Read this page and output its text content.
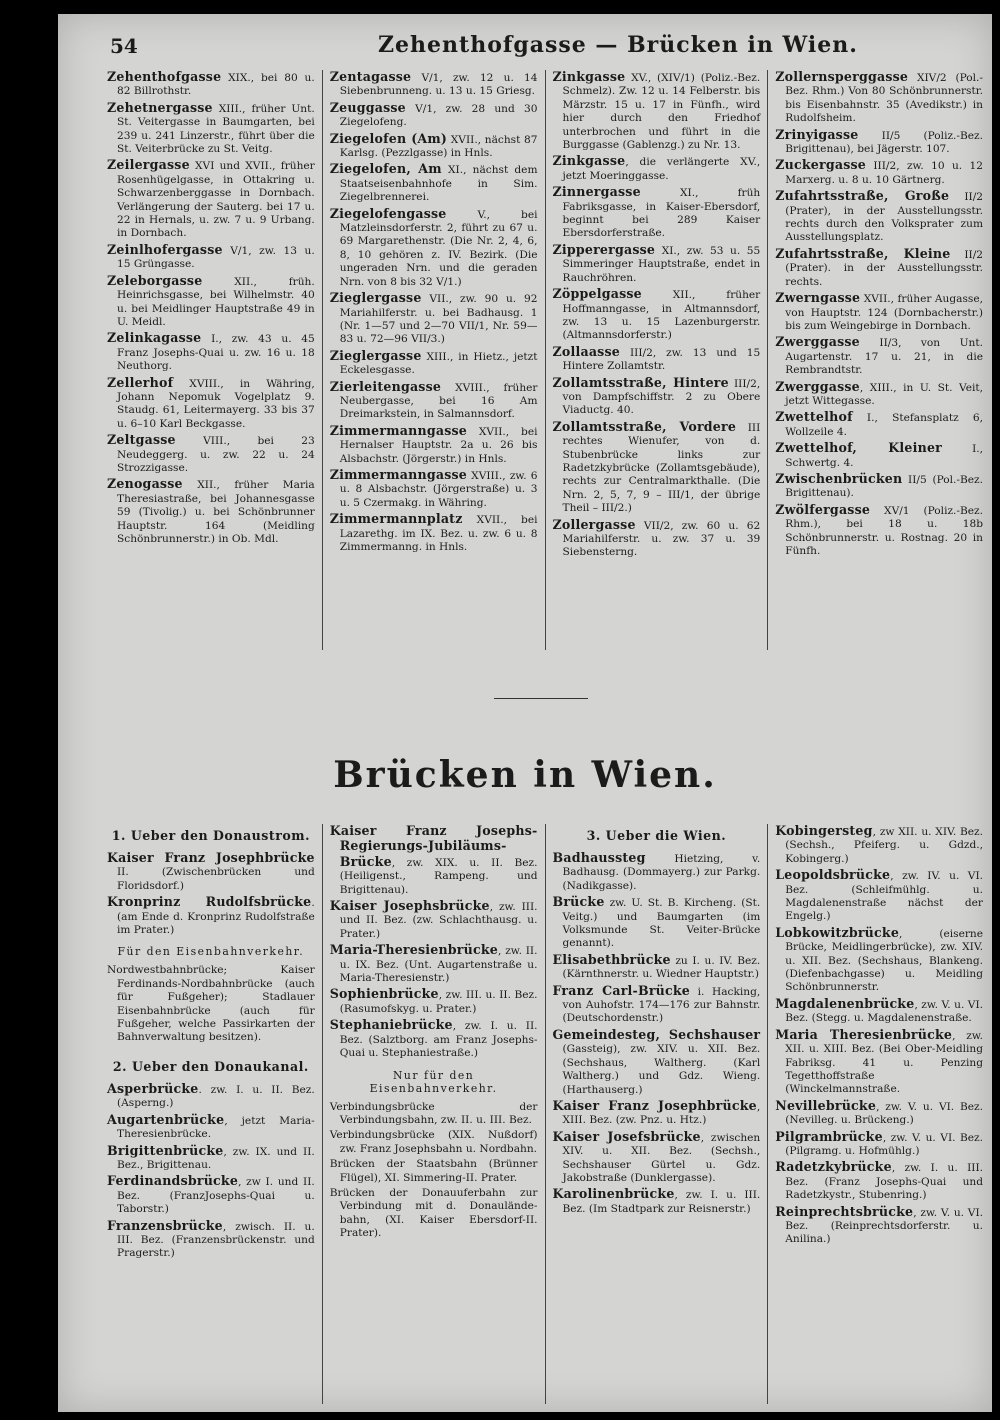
54	Zehenthofgasse — Brücken in Wien.

Zehenthofgasse XIX., bei 80 u. 82 Billrothstr.

Zehetnergasse XIII., früher Unt. St. Veitergasse in Baumgarten, bei 239 u. 241 Linzerstr., führt über die St. Veiterbrücke zu St. Veitg.

Zeilergasse XVI und XVII., früher Rosenhügelgasse, in Ottakring u. Schwarzenberggasse in Dornbach. Verlängerung der Sauterg. bei 17 u. 22 in Hernals, u. zw. 7 u. 9 Urbang. in Dornbach.

Zeinlhofergasse V/1, zw. 13 u. 15 Grüngasse.

Zeleborgasse XII., früh. Heinrichsgasse, bei Wilhelmstr. 40 u. bei Meidlinger Hauptstraße 49 in U. Meidl.

Zelinkagasse I., zw. 43 u. 45 Franz Josephs-Quai u. zw. 16 u. 18 Neuthorg.

Zellerhof XVIII., in Währing, Johann Nepomuk Vogelplatz 9. Staudg. 61, Leitermayerg. 33 bis 37 u. 6–10 Karl Beckgasse.

Zeltgasse VIII., bei 23 Neudeggerg. u. zw. 22 u. 24 Strozzigasse.

Zenogasse XII., früher Maria Theresiastraße, bei Johannesgasse 59 (Tivolig.) u. bei Schönbrunner Hauptstr. 164 (Meidling Schönbrunnerstr.) in Ob. Mdl.

Zentagasse V/1, zw. 12 u. 14 Siebenbrunneng. u. 13 u. 15 Griesg.

Zeuggasse V/1, zw. 28 und 30 Ziegelofeng.

Ziegelofen (Am) XVII., nächst 87 Karlsg. (Pezzlgasse) in Hnls.

Ziegelofen, Am XI., nächst dem Staatseisenbahnhofe in Sim. Ziegelbrennerei.

Ziegelofengasse V., bei Matzleinsdorferstr. 2, führt zu 67 u. 69 Margarethenstr. (Die Nr. 2, 4, 6, 8, 10 gehören z. IV. Bezirk. (Die ungeraden Nrn. und die geraden Nrn. von 8 bis 32 V/1.)

Zieglergasse VII., zw. 90 u. 92 Mariahilferstr. u. bei Badhausg. 1 (Nr. 1—57 und 2—70 VII/1, Nr. 59—83 u. 72—96 VII/3.)

Zieglergasse XIII., in Hietz., jetzt Eckelesgasse.

Zierleitengasse XVIII., früher Neubergasse, bei 16 Am Dreimarkstein, in Salmannsdorf.

Zimmermanngasse XVII., bei Hernalser Hauptstr. 2a u. 26 bis Alsbachstr. (Jörgerstr.) in Hnls.

Zimmermanngasse XVIII., zw. 6 u. 8 Alsbachstr. (Jörgerstraße) u. 3 u. 5 Czermakg. in Währing.

Zimmermannplatz XVII., bei Lazarethg. im IX. Bez. u. zw. 6 u. 8 Zimmermanng. in Hnls.

Zinkgasse XV., (XIV/1) (Poliz.-Bez. Schmelz). Zw. 12 u. 14 Felberstr. bis Märzstr. 15 u. 17 in Fünfh., wird hier durch den Friedhof unterbrochen und führt in die Burggasse (Gablenzg.) zu Nr. 13.

Zinkgasse, die verlängerte XV., jetzt Moeringgasse.

Zinnergasse XI., früh Fabriksgasse, in Kaiser-Ebersdorf, beginnt bei 289 Kaiser Ebersdorferstraße.

Zipperergasse XI., zw. 53 u. 55 Simmeringer Hauptstraße, endet in Rauchröhren.

Zöppelgasse XII., früher Hoffmanngasse, in Altmannsdorf, zw. 13 u. 15 Lazenburgerstr. (Altmannsdorferstr.)

Zollaasse III/2, zw. 13 und 15 Hintere Zollamtstr.

Zollamtsstraße, Hintere III/2, von Dampfschiffstr. 2 zu Obere Viaductg. 40.

Zollamtsstraße, Vordere III rechtes Wienufer, von d. Stubenbrücke links zur Radetzkybrücke (Zollamtsgebäude), rechts zur Centralmarkthalle. (Die Nrn. 2, 5, 7, 9 – III/1, der übrige Theil – III/2.)

Zollergasse VII/2, zw. 60 u. 62 Mariahilferstr. u. zw. 37 u. 39 Siebensterng.

Zollernsperggasse XIV/2 (Pol.-Bez. Rhm.) Von 80 Schönbrunnerstr. bis Eisenbahnstr. 35 (Avedikstr.) in Rudolfsheim.

Zrinyigasse II/5 (Poliz.-Bez. Brigittenau), bei Jägerstr. 107.

Zuckergasse III/2, zw. 10 u. 12 Marxerg. u. 8 u. 10 Gärtnerg.

Zufahrtsstraße, Große II/2 (Prater), in der Ausstellungsstr. rechts durch den Volksprater zum Ausstellungsplatz.

Zufahrtsstraße, Kleine II/2 (Prater). in der Ausstellungsstr. rechts.

Zwerngasse XVII., früher Augasse, von Hauptstr. 124 (Dornbacherstr.) bis zum Weingebirge in Dornbach.

Zwerggasse II/3, von Unt. Augartenstr. 17 u. 21, in die Rembrandtstr.

Zwerggasse, XIII., in U. St. Veit, jetzt Wittegasse.

Zwettelhof I., Stefansplatz 6, Wollzeile 4.

Zwettelhof, Kleiner I., Schwertg. 4.

Zwischenbrücken II/5 (Pol.-Bez. Brigittenau).

Zwölfergasse XV/1 (Poliz.-Bez. Rhm.), bei 18 u. 18b Schönbrunnerstr. u. Rostnag. 20 in Fünfh.

Brücken in Wien.
1. Ueber den Donaustrom.

Kaiser Franz Josephbrücke II. (Zwischenbrücken und Floridsdorf.)

Kronprinz Rudolfsbrücke. (am Ende d. Kronprinz Rudolfstraße im Prater.)

Für den Eisenbahnverkehr.

Nordwestbahnbrücke; Kaiser Ferdinands-Nordbahnbrücke (auch für Fußgeher); Stadlauer Eisenbahnbrücke (auch für Fußgeher, welche Passirkarten der Bahnverwaltung besitzen).

2. Ueber den Donaukanal.

Asperbrücke. zw. I. u. II. Bez. (Asperng.)

Augartenbrücke, jetzt Maria-Theresienbrücke.

Brigittenbrücke, zw. IX. und II. Bez., Brigittenau.

Ferdinandsbrücke, zw I. und II. Bez. (FranzJosephs-Quai u. Taborstr.)

Franzensbrücke, zwisch. II. u. III. Bez. (Franzensbrückenstr. und Pragerstr.)

Kaiser Franz Josephs-Regierungs-Jubiläums-Brücke, zw. XIX. u. II. Bez. (Heiligenst., Rampeng. und Brigittenau).

Kaiser Josephsbrücke, zw. III. und II. Bez. (zw. Schlachthausg. u. Prater.)

Maria-Theresienbrücke, zw. II. u. IX. Bez. (Unt. Augartenstraße u. Maria-Theresienstr.)

Sophienbrücke, zw. III. u. II. Bez. (Rasumofskyg. u. Prater.)

Stephaniebrücke, zw. I. u. II. Bez. (Salztborg. am Franz Josephs-Quai u. Stephaniestraße.)

Nur für den Eisenbahnverkehr.

Verbindungsbrücke der Verbindungsbahn, zw. II. u. III. Bez.

Verbindungsbrücke (XIX. Nußdorf) zw. Franz Josephsbahn u. Nordbahn.

Brücken der Staatsbahn (Brünner Flügel), XI. Simmering-II. Prater.

Brücken der Donauuferbahn zur Verbindung mit d. Donaulände-bahn, (XI. Kaiser Ebersdorf-II. Prater).

3. Ueber die Wien.

Badhaussteg Hietzing, v. Badhausg. (Dommayerg.) zur Parkg. (Nadikgasse).

Brücke zw. U. St. B. Kircheng. (St. Veitg.) und Baumgarten (im Volksmunde St. Veiter-Brücke genannt).

Elisabethbrücke zu I. u. IV. Bez. (Kärnthnerstr. u. Wiedner Hauptstr.)

Franz Carl-Brücke i. Hacking, von Auhofstr. 174—176 zur Bahnstr. (Deutschordenstr.)

Gemeindesteg, Sechshauser (Gassteig), zw. XIV. u. XII. Bez. (Sechshaus, Waltherg. (Karl Waltherg.) und Gdz. Wieng. (Harthauserg.)

Kaiser Franz Josephbrücke, XIII. Bez. (zw. Pnz. u. Htz.)

Kaiser Josefsbrücke, zwischen XIV. u. XII. Bez. (Sechsh., Sechshauser Gürtel u. Gdz. Jakobstraße (Dunklergasse).

Karolinenbrücke, zw. I. u. III. Bez. (Im Stadtpark zur Reisnerstr.)

Kobingersteg, zw XII. u. XIV. Bez. (Sechsh., Pfeiferg. u. Gdzd., Kobingerg.)

Leopoldsbrücke, zw. IV. u. VI. Bez. (Schleifmühlg. u. Magdalenenstraße nächst der Engelg.)

Lobkowitzbrücke, (eiserne Brücke, Meidlingerbrücke), zw. XIV. u. XII. Bez. (Sechshaus, Blankeng. (Diefenbachgasse) u. Meidling Schönbrunnerstr.

Magdalenenbrücke, zw. V. u. VI. Bez. (Stegg. u. Magdalenenstraße.

Maria Theresienbrücke, zw. XII. u. XIII. Bez. (Bei Ober-Meidling Fabriksg. 41 u. Penzing Tegetthoffstraße (Winckelmannstraße.

Nevillebrücke, zw. V. u. VI. Bez. (Nevilleg. u. Brückeng.)

Pilgrambrücke, zw. V. u. VI. Bez. (Pilgramg. u. Hofmühlg.)

Radetzkybrücke, zw. I. u. III. Bez. (Franz Josephs-Quai und Radetzkystr., Stubenring.)

Reinprechtsbrücke, zw. V. u. VI. Bez. (Reinprechtsdorferstr. u. Anilina.)
